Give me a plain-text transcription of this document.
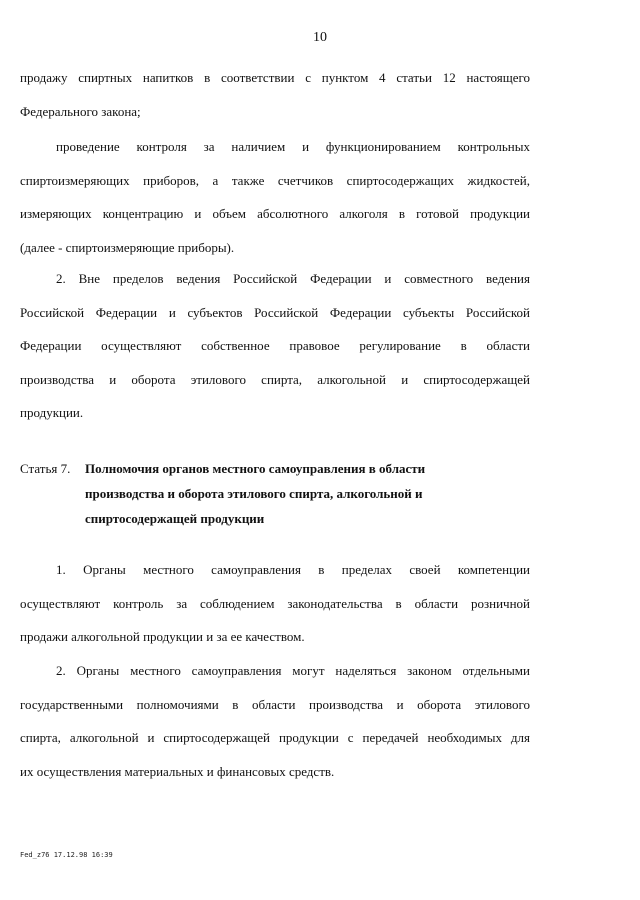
10
продажу спиртных напитков в соответствии с пунктом 4 статьи 12 настоящего
Федерального закона;
проведение контроля за наличием и функционированием контрольных
спиртоизмеряющих приборов, а также счетчиков спиртосодержащих жидкостей,
измеряющих концентрацию и объем абсолютного алкоголя в готовой продукции
(далее - спиртоизмеряющие приборы).
2. Вне пределов ведения Российской Федерации и совместного ведения
Российской Федерации и субъектов Российской Федерации субъекты Российской
Федерации осуществляют собственное правовое регулирование в области
производства и оборота этилового спирта, алкогольной и спиртосодержащей
продукции.
Статья 7. Полномочия органов местного самоуправления в области
производства и оборота этилового спирта, алкогольной и
спиртосодержащей продукции
1. Органы местного самоуправления в пределах своей компетенции
осуществляют контроль за соблюдением законодательства в области розничной
продажи алкогольной продукции и за ее качеством.
2. Органы местного самоуправления могут наделяться законом отдельными
государственными полномочиями в области производства и оборота этилового
спирта, алкогольной и спиртосодержащей продукции с передачей необходимых для
их осуществления материальных и финансовых средств.
Fed_z76 17.12.98 16:39
